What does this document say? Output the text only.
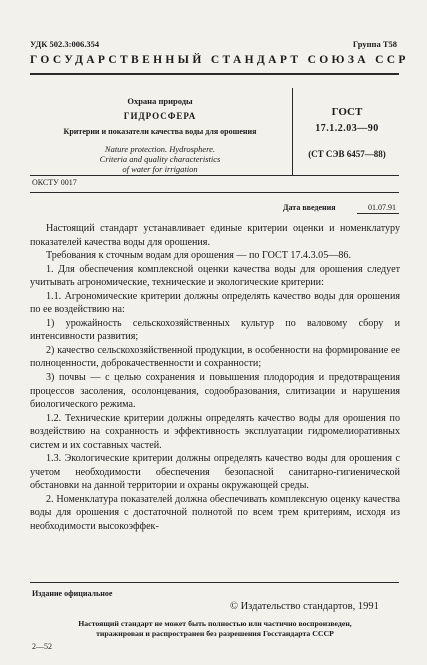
УДК 502.3:006.354	Группа Т58
ГОСУДАРСТВЕННЫЙ СТАНДАРТ СОЮЗА ССР
Охрана природы
ГИДРОСФЕРА
Критерии и показатели качества воды для орошения
Nature protection. Hydrosphere.
Criteria and quality characteristics
of water for irrigation
ГОСТ
17.1.2.03—90
(СТ СЭВ 6457—88)
ОКСТУ 0017
Дата введения	01.07.91

Настоящий стандарт устанавливает единые критерии оценки и номенклатуру показателей качества воды для орошения.

Требования к сточным водам для орошения — по ГОСТ 17.4.3.05—86.

1. Для обеспечения комплексной оценки качества воды для орошения следует учитывать агрономические, технические и экологические критерии:

1.1. Агрономические критерии должны определять качество воды для орошения по ее воздействию на:

1) урожайность сельскохозяйственных культур по валовому сбору и интенсивности развития;

2) качество сельскохозяйственной продукции, в особенности на формирование ее полноценности, доброкачественности и сохранности;

3) почвы — с целью сохранения и повышения плодородия и предотвращения процессов засоления, осолонцевания, содообразования, слитизации и нарушения биологического режима.

1.2. Технические критерии должны определять качество воды для орошения по воздействию на сохранность и эффективность эксплуатации гидромелиоративных систем и их составных частей.

1.3. Экологические критерии должны определять качество воды для орошения с учетом необходимости обеспечения безопасной санитарно-гигиенической обстановки на данной территории и охраны окружающей среды.

2. Номенклатура показателей должна обеспечивать комплексную оценку качества воды для орошения с достаточной полнотой по всем трем критериям, исходя из необходимости высокоэффек-

Издание официальное
© Издательство стандартов, 1991
Настоящий стандарт не может быть полностью или частично воспроизведен,
тиражирован и распространен без разрешения Госстандарта СССР
2—52
